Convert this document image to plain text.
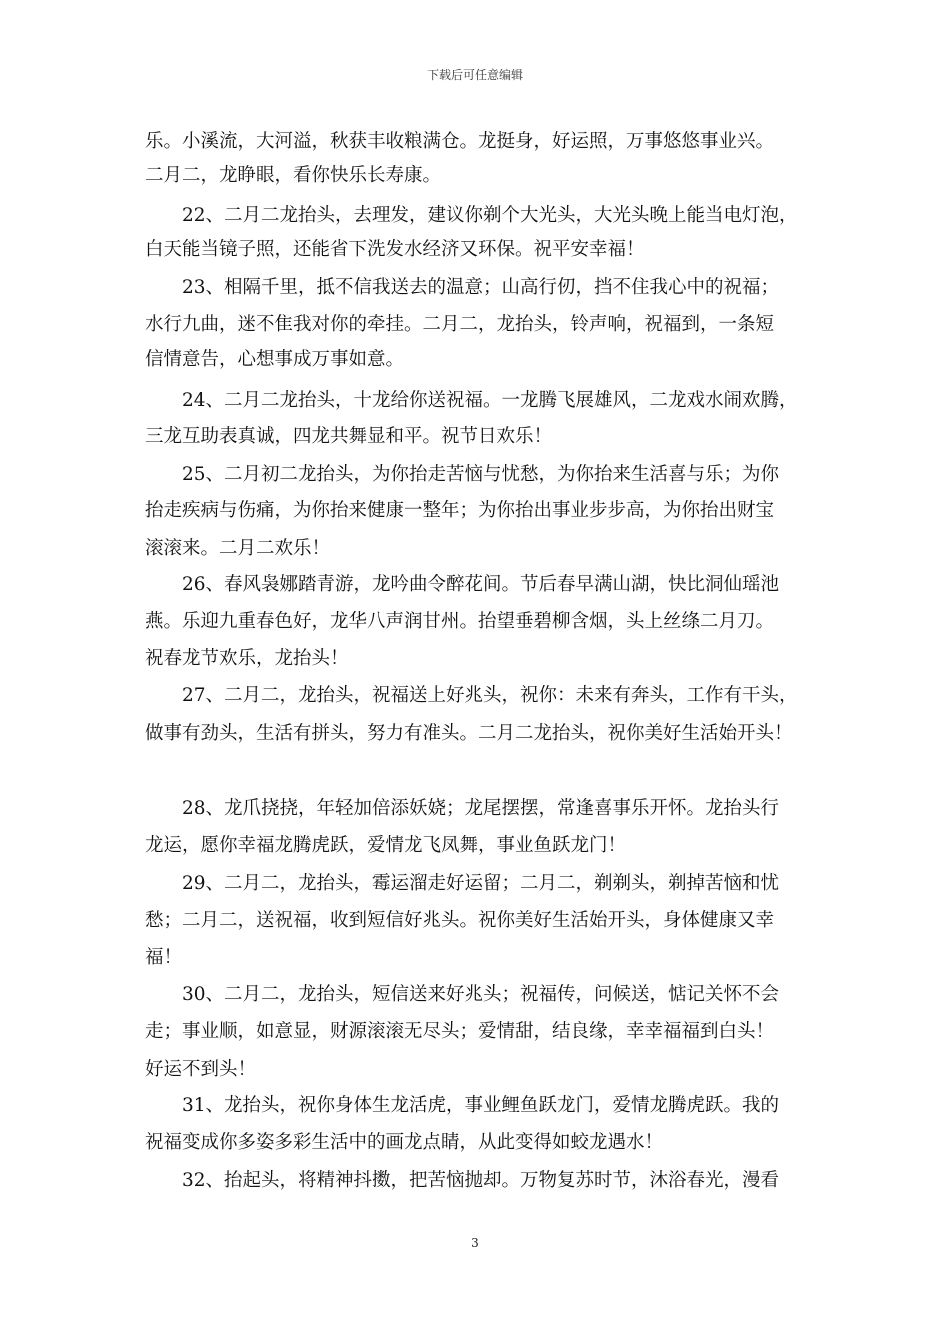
下载后可任意编辑
乐。小溪流，大河溢，秋获丰收粮满仓。龙挺身，好运照，万事悠悠事业兴。
二月二，龙睁眼，看你快乐长寿康。
22、二月二龙抬头，去理发，建议你剃个大光头，大光头晚上能当电灯泡，
白天能当镜子照，还能省下洗发水经济又环保。祝平安幸福！
23、相隔千里，抵不信我送去的温意；山高行仞，挡不住我心中的祝福；
水行九曲，迷不隹我对你的牵挂。二月二，龙抬头，铃声响，祝福到，一条短
信情意告，心想事成万事如意。
24、二月二龙抬头，十龙给你送祝福。一龙腾飞展雄风，二龙戏水闹欢腾，
三龙互助表真诚，四龙共舞显和平。祝节日欢乐！
25、二月初二龙抬头，为你抬走苦恼与忧愁，为你抬来生活喜与乐；为你
抬走疾病与伤痛，为你抬来健康一整年；为你抬出事业步步高，为你抬出财宝
滚滚来。二月二欢乐！
26、春风袅娜踏青游，龙吟曲令醉花间。节后春早满山湖，快比洞仙瑶池
燕。乐迎九重春色好，龙华八声润甘州。抬望垂碧柳含烟，头上丝绦二月刀。
祝春龙节欢乐，龙抬头！
27、二月二，龙抬头，祝福送上好兆头，祝你：未来有奔头，工作有干头，
做事有劲头，生活有拼头，努力有准头。二月二龙抬头，祝你美好生活始开头！
28、龙爪挠挠，年轻加倍添妖娆；龙尾摆摆，常逢喜事乐开怀。龙抬头行
龙运，愿你幸福龙腾虎跃，爱情龙飞凤舞，事业鱼跃龙门！
29、二月二，龙抬头，霉运溜走好运留；二月二，剃剃头，剃掉苦恼和忧
愁；二月二，送祝福，收到短信好兆头。祝你美好生活始开头，身体健康又幸
福！
30、二月二，龙抬头，短信送来好兆头；祝福传，问候送，惦记关怀不会
走；事业顺，如意显，财源滚滚无尽头；爱情甜，结良缘，幸幸福福到白头！
好运不到头！
31、龙抬头，祝你身体生龙活虎，事业鲤鱼跃龙门，爱情龙腾虎跃。我的
祝福变成你多姿多彩生活中的画龙点睛，从此变得如蛟龙遇水！
32、抬起头，将精神抖擞，把苦恼抛却。万物复苏时节，沐浴春光，漫看
3
